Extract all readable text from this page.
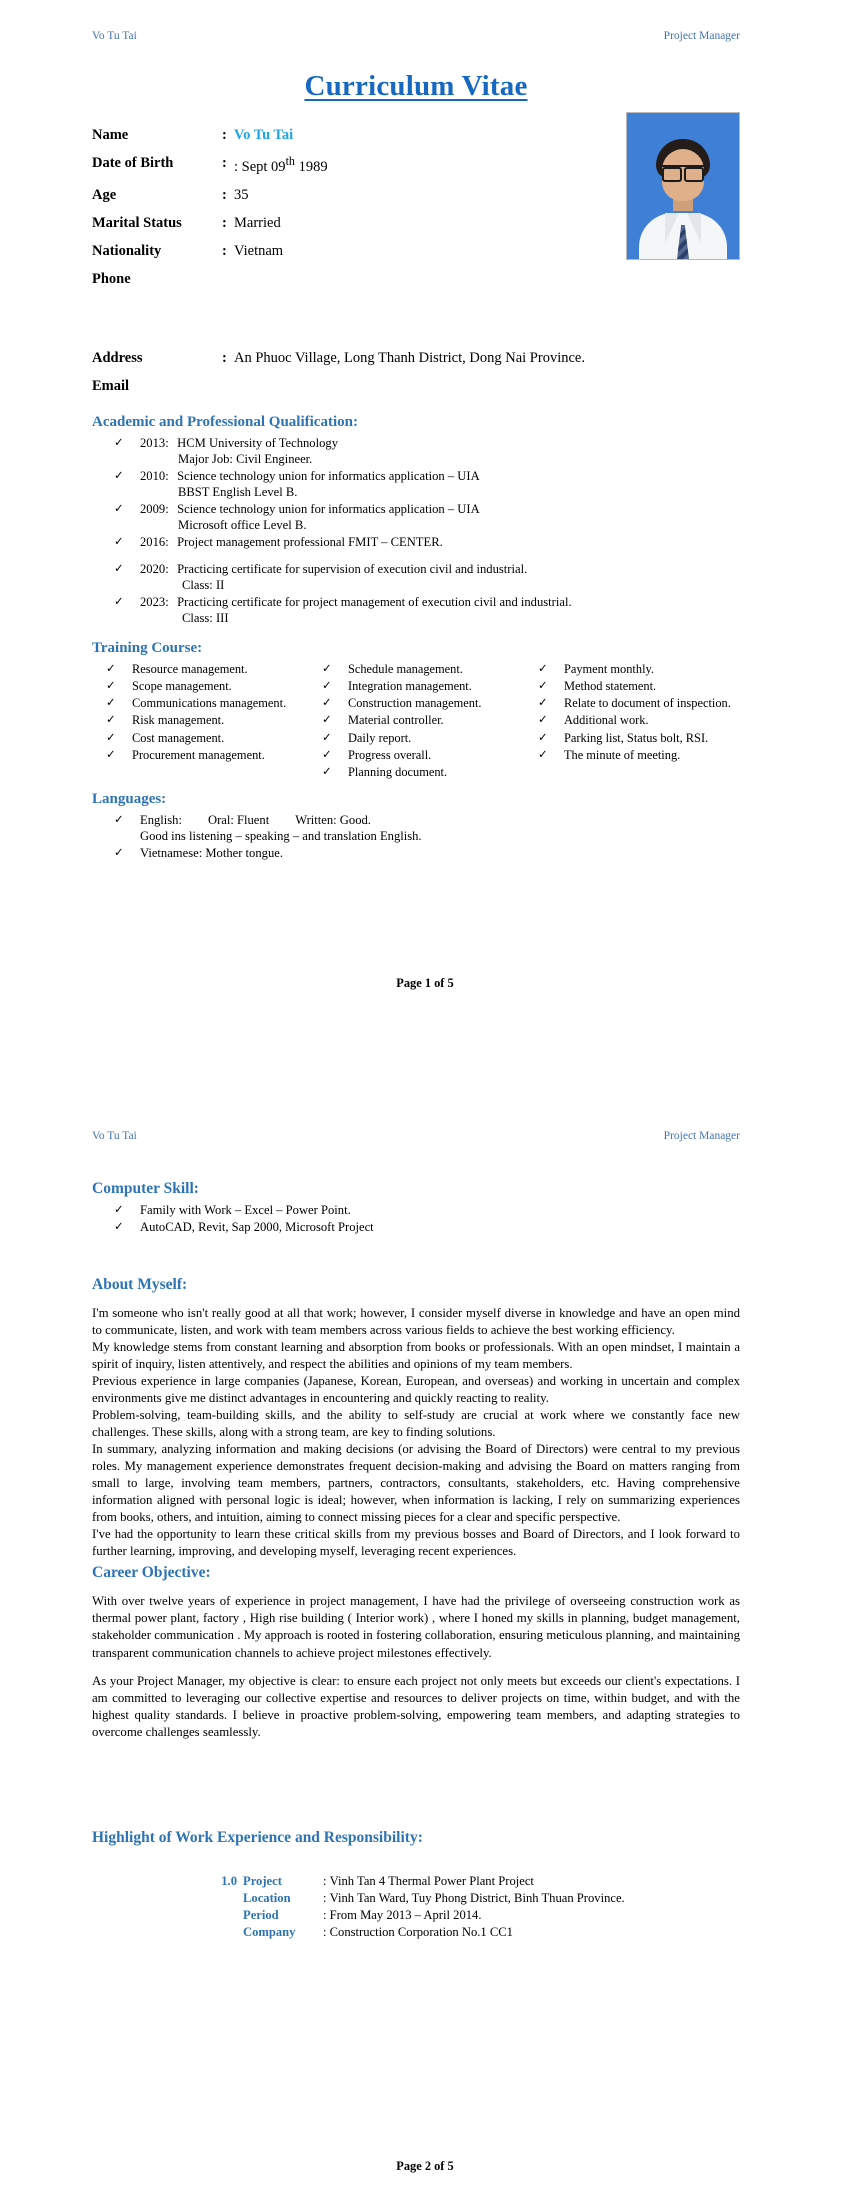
Vo Tu Tai	Project Manager
Curriculum Vitae
Name	:	Vo Tu Tai
Date of Birth	:	: Sept 09th 1989
Age	:	35
Marital Status	:	Married
Nationality	:	Vietnam
Phone		
Address	:	An Phuoc Village, Long Thanh District, Dong Nai Province.
Email		
Academic and Professional Qualification:
✓ 2013: HCM University of Technology
Major Job: Civil Engineer.
✓ 2010: Science technology union for informatics application – UIA
BBST English Level B.
✓ 2009: Science technology union for informatics application – UIA
Microsoft office Level B.
✓ 2016: Project management professional FMIT – CENTER.
✓ 2020: Practicing certificate for supervision of execution civil and industrial.
Class: II
✓ 2023: Practicing certificate for project management of execution civil and industrial.
Class: III
Training Course:
✓ Resource management.
✓ Scope management.
✓ Communications management.
✓ Risk management.
✓ Cost management.
✓ Procurement management.
✓ Schedule management.
✓ Integration management.
✓ Construction management.
✓ Material controller.
✓ Daily report.
✓ Progress overall.
✓ Planning document.
✓ Payment monthly.
✓ Method statement.
✓ Relate to document of inspection.
✓ Additional work.
✓ Parking list, Status bolt, RSI.
✓ The minute of meeting.
Languages:
✓ English: Oral: Fluent Written: Good.
Good ins listening – speaking – and translation English.
✓ Vietnamese: Mother tongue.
Page 1 of 5
Vo Tu Tai	Project Manager
Computer Skill:
✓ Family with Work – Excel – Power Point.
✓ AutoCAD, Revit, Sap 2000, Microsoft Project
About Myself:

I'm someone who isn't really good at all that work; however, I consider myself diverse in knowledge and have an open mind to communicate, listen, and work with team members across various fields to achieve the best working efficiency.

My knowledge stems from constant learning and absorption from books or professionals. With an open mindset, I maintain a spirit of inquiry, listen attentively, and respect the abilities and opinions of my team members.

Previous experience in large companies (Japanese, Korean, European, and overseas) and working in uncertain and complex environments give me distinct advantages in encountering and quickly reacting to reality.

Problem-solving, team-building skills, and the ability to self-study are crucial at work where we constantly face new challenges. These skills, along with a strong team, are key to finding solutions.

In summary, analyzing information and making decisions (or advising the Board of Directors) were central to my previous roles. My management experience demonstrates frequent decision-making and advising the Board on matters ranging from small to large, involving team members, partners, contractors, consultants, stakeholders, etc. Having comprehensive information aligned with personal logic is ideal; however, when information is lacking, I rely on summarizing experiences from books, others, and intuition, aiming to connect missing pieces for a clear and specific perspective.

I've had the opportunity to learn these critical skills from my previous bosses and Board of Directors, and I look forward to further learning, improving, and developing myself, leveraging recent experiences.

Career Objective:

With over twelve years of experience in project management, I have had the privilege of overseeing construction work as thermal power plant, factory , High rise building ( Interior work) , where I honed my skills in planning, budget management, stakeholder communication . My approach is rooted in fostering collaboration, ensuring meticulous planning, and maintaining transparent communication channels to achieve project milestones effectively.

As your Project Manager, my objective is clear: to ensure each project not only meets but exceeds our client's expectations. I am committed to leveraging our collective expertise and resources to deliver projects on time, within budget, and with the highest quality standards. I believe in proactive problem-solving, empowering team members, and adapting strategies to overcome challenges seamlessly.

Highlight of Work Experience and Responsibility:
1.0	Project	: Vinh Tan 4 Thermal Power Plant Project
	Location	: Vinh Tan Ward, Tuy Phong District, Binh Thuan Province.
	Period	: From May 2013 – April 2014.
	Company	: Construction Corporation No.1 CC1
Page 2 of 5
